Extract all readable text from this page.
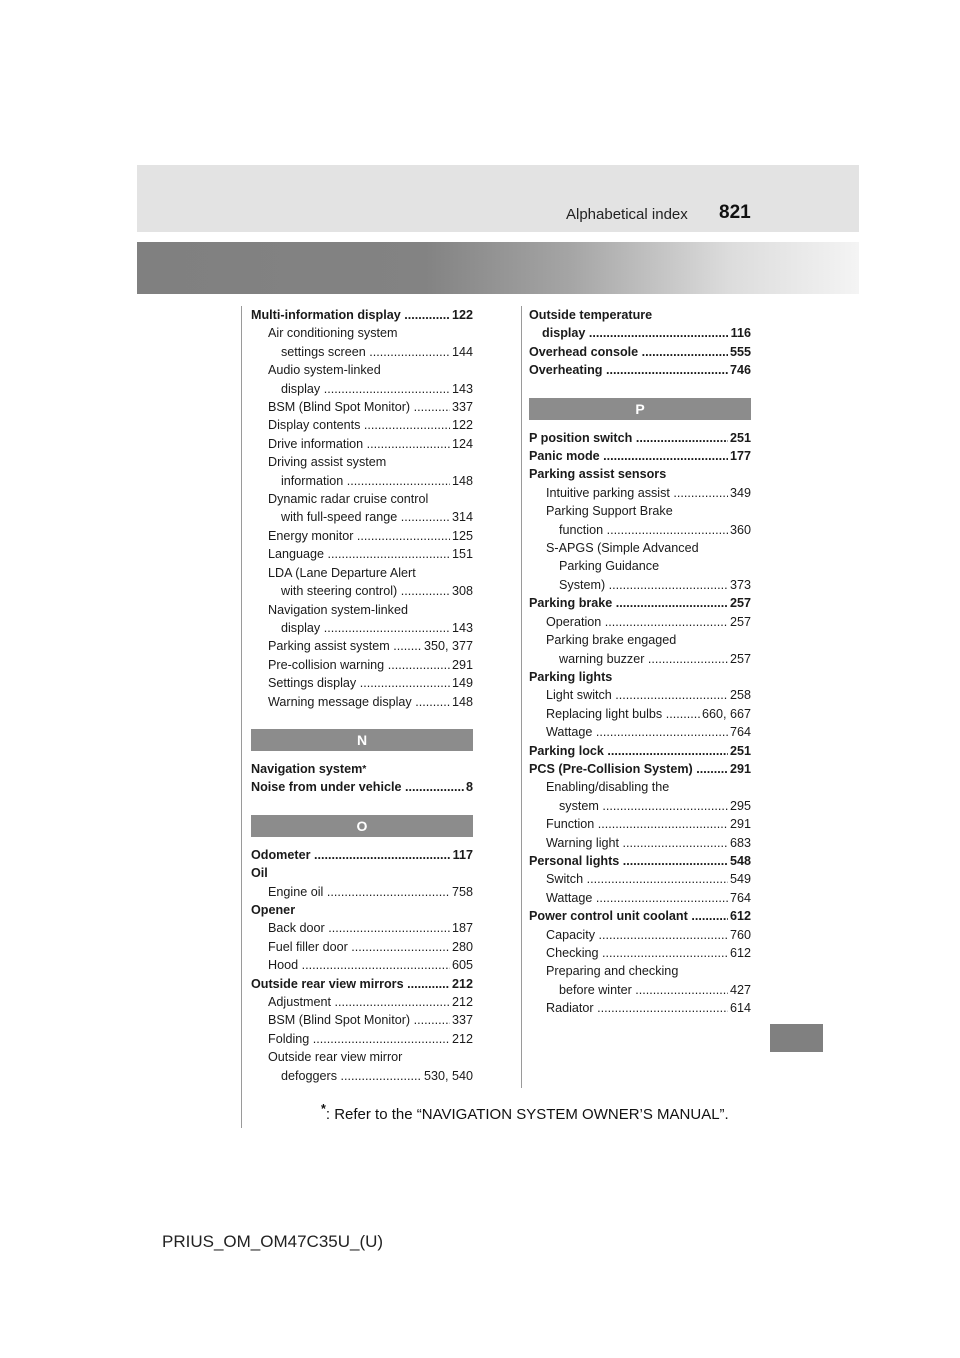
Alphabetical index 821
Multi-information display .....	122
Air conditioning system
settings screen .....	144
Audio system-linked
display .....	143
BSM (Blind Spot Monitor) .....	337
Display contents .....	122
Drive information .....	124
Driving assist system
information .....	148
Dynamic radar cruise control
with full-speed range .....	314
Energy monitor .....	125
Language .....	151
LDA (Lane Departure Alert
with steering control) .....	308
Navigation system-linked
display .....	143
Parking assist system .....	350, 377
Pre-collision warning .....	291
Settings display .....	149
Warning message display .....	148
N
Navigation system *
Noise from under vehicle .....	8
O
Odometer .....	117
Oil
Engine oil .....	758
Opener
Back door .....	187
Fuel filler door .....	280
Hood .....	605
Outside rear view mirrors .....	212
Adjustment .....	212
BSM (Blind Spot Monitor) .....	337
Folding .....	212
Outside rear view mirror
defoggers .....	530, 540
Outside temperature
display .....	116
Overhead console .....	555
Overheating .....	746
P
P position switch .....	251
Panic mode .....	177
Parking assist sensors
Intuitive parking assist .....	349
Parking Support Brake
function .....	360
S-APGS (Simple Advanced
Parking Guidance
System) .....	373
Parking brake .....	257
Operation .....	257
Parking brake engaged
warning buzzer .....	257
Parking lights
Light switch .....	258
Replacing light bulbs .....	660, 667
Wattage .....	764
Parking lock .....	251
PCS (Pre-Collision System) .....	291
Enabling/disabling the
system .....	295
Function .....	291
Warning light .....	683
Personal lights .....	548
Switch .....	549
Wattage .....	764
Power control unit coolant .....	612
Capacity .....	760
Checking .....	612
Preparing and checking
before winter .....	427
Radiator .....	614
*: Refer to the “NAVIGATION SYSTEM OWNER’S MANUAL”.
PRIUS_OM_OM47C35U_(U)
